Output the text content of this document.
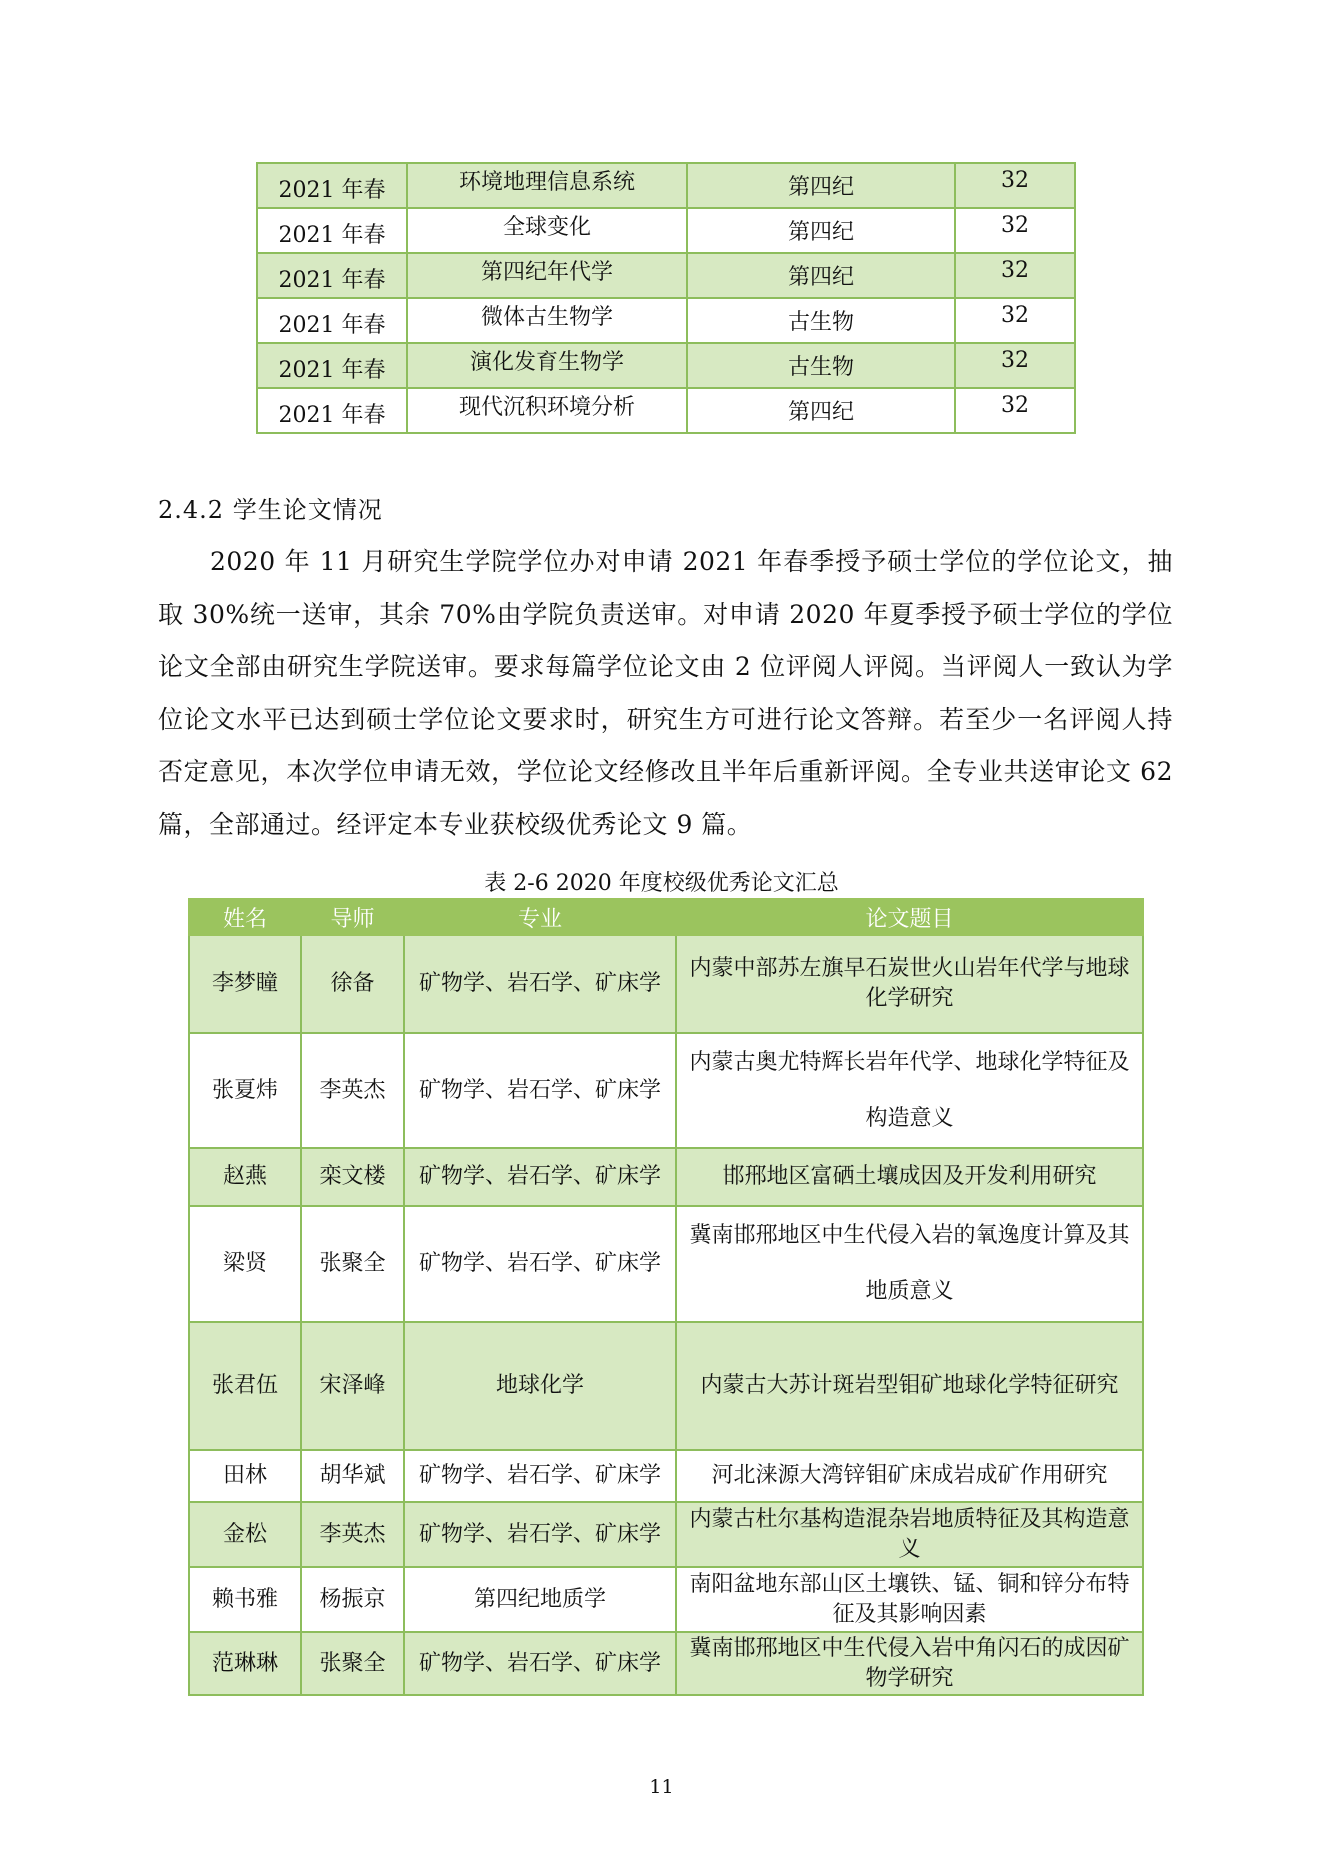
2021 年春	环境地理信息系统	第四纪	32
2021 年春	全球变化	第四纪	32
2021 年春	第四纪年代学	第四纪	32
2021 年春	微体古生物学	古生物	32
2021 年春	演化发育生物学	古生物	32
2021 年春	现代沉积环境分析	第四纪	32
2.4.2 学生论文情况

2020 年 11 月研究生学院学位办对申请 2021 年春季授予硕士学位的学位论文，抽取 30%统一送审，其余 70%由学院负责送审。对申请 2020 年夏季授予硕士学位的学位论文全部由研究生学院送审。要求每篇学位论文由 2 位评阅人评阅。当评阅人一致认为学位论文水平已达到硕士学位论文要求时，研究生方可进行论文答辩。若至少一名评阅人持否定意见，本次学位申请无效，学位论文经修改且半年后重新评阅。全专业共送审论文 62 篇，全部通过。经评定本专业获校级优秀论文 9 篇。

表 2-6 2020 年度校级优秀论文汇总
姓名	导师	专业	论文题目
李梦瞳	徐备	矿物学、岩石学、矿床学	内蒙中部苏左旗早石炭世火山岩年代学与地球化学研究
张夏炜	李英杰	矿物学、岩石学、矿床学	内蒙古奥尤特辉长岩年代学、地球化学特征及构造意义
赵燕	栾文楼	矿物学、岩石学、矿床学	邯郉地区富硒土壤成因及开发利用研究
梁贤	张聚全	矿物学、岩石学、矿床学	冀南邯郉地区中生代侵入岩的氧逸度计算及其地质意义
张君伍	宋泽峰	地球化学	内蒙古大苏计斑岩型钼矿地球化学特征研究
田林	胡华斌	矿物学、岩石学、矿床学	河北涞源大湾锌钼矿床成岩成矿作用研究
金松	李英杰	矿物学、岩石学、矿床学	内蒙古杜尔基构造混杂岩地质特征及其构造意义
赖书雅	杨振京	第四纪地质学	南阳盆地东部山区土壤铁、锰、铜和锌分布特征及其影响因素
范琳琳	张聚全	矿物学、岩石学、矿床学	冀南邯郉地区中生代侵入岩中角闪石的成因矿物学研究
11
